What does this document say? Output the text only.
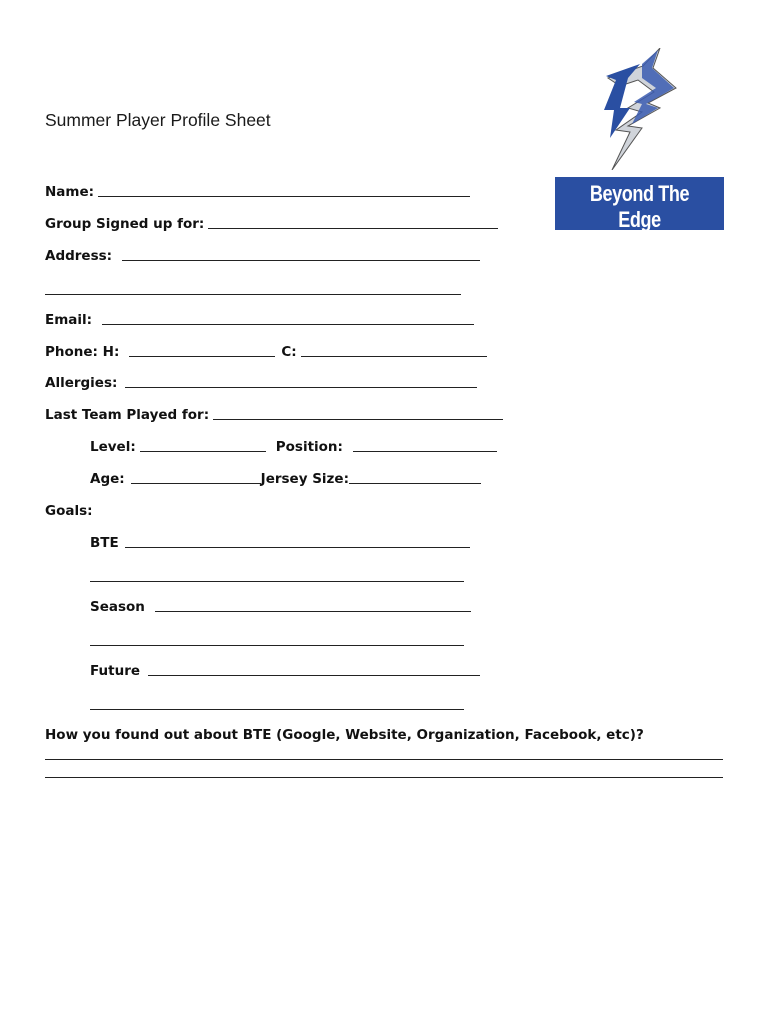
Summer Player Profile Sheet
Beyond The Edge
Hockey Development LLC
Name:
Group Signed up for:
Address:
Email:
Phone: H:	C:
Allergies:
Last Team Played for:
Level:	Position:
Age:	Jersey Size:
Goals:
BTE
Season
Future
How you found out about BTE (Google, Website, Organization, Facebook, etc)?
